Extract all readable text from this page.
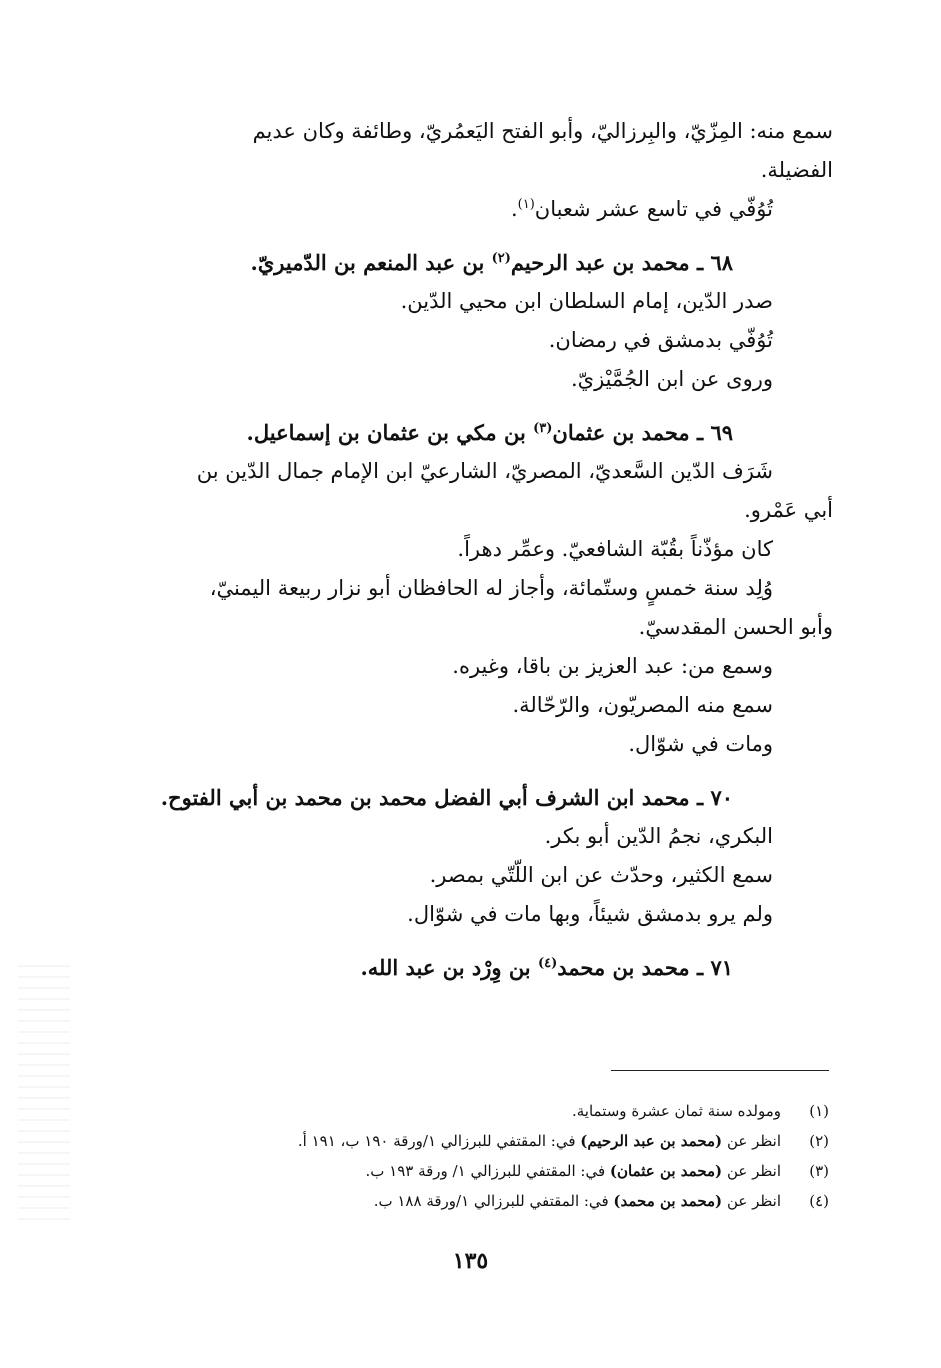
سمع منه: المِزّيّ، والبِرزاليّ، وأبو الفتح اليَعمُريّ، وطائفة وكان عديم

الفضيلة.

تُوُفّي في تاسع عشر شعبان$^{(١)}$.

٦٨ ـ محمد بن عبد الرحيم$^{(٢)}$ بن عبد المنعم بن الدّميريّ.

صدر الدّين، إمام السلطان ابن محيي الدّين.

تُوُفّي بدمشق في رمضان.

وروى عن ابن الجُمَّيْزيّ.

٦٩ ـ محمد بن عثمان$^{(٣)}$ بن مكي بن عثمان بن إسماعيل.

شَرَف الدّين السَّعديّ، المصريّ، الشارعيّ ابن الإمام جمال الدّين بن

أبي عَمْرو.

كان مؤذّناً بقُبّة الشافعيّ. وعمِّر دهراً.

وُلِد سنة خمسٍ وستّمائة، وأجاز له الحافظان أبو نزار ربيعة اليمنيّ،

وأبو الحسن المقدسيّ.

وسمع من: عبد العزيز بن باقا، وغيره.

سمع منه المصريّون، والرّحّالة.

ومات في شوّال.

٧٠ ـ محمد ابن الشرف أبي الفضل محمد بن محمد بن أبي الفتوح.

البكري، نجمُ الدّين أبو بكر.

سمع الكثير، وحدّث عن ابن اللّتّي بمصر.

ولم يرو بدمشق شيئاً، وبها مات في شوّال.

٧١ ـ محمد بن محمد$^{(٤)}$ بن وِرْد بن عبد الله.

(١)
ومولده سنة ثمان عشرة وستماية.
(٢)
انظر عن (محمد بن عبد الرحيم) في: المقتفي للبرزالي ١/ورقة ١٩٠ ب، ١٩١ أ.
(٣)
انظر عن (محمد بن عثمان) في: المقتفي للبرزالي ١/ ورقة ١٩٣ ب.
(٤)
انظر عن (محمد بن محمد) في: المقتفي للبرزالي ١/ورقة ١٨٨ ب.
١٣٥
